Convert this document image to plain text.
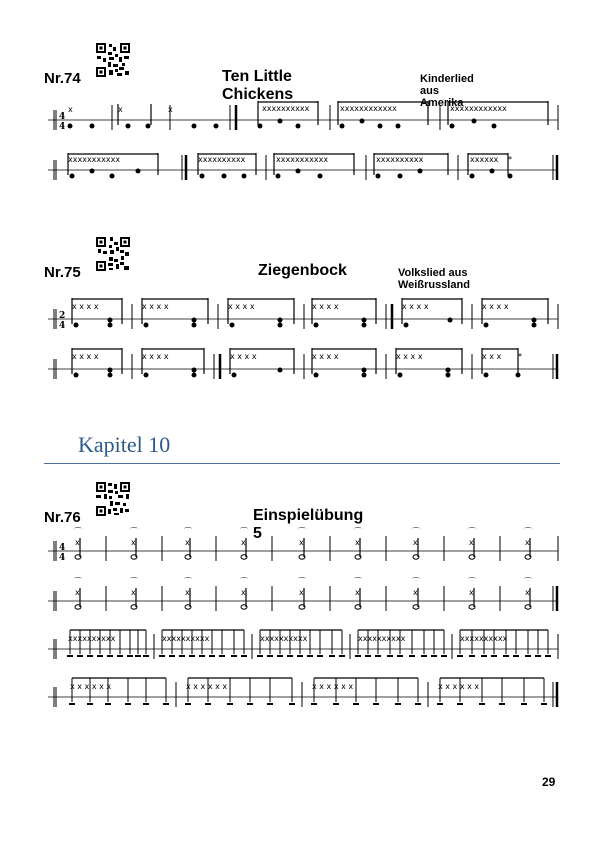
Nr.74	Ten Little Chickens
Kinderlied aus Amerika
4
4
x	x	x	xxxxxxxxxx	xxxxxxxxxxxx	xxxxxxxxxxxx
xxxxxxxxxxx	xxxxxxxxxx	xxxxxxxxxxx	xxxxxxxxxx	xxxxxx *
Nr.75	Ziegenbock	Volkslied aus Weißrussland
2
4
x x x x	x x x x	x x x x	x x x x	x x x x	x x x x
x x x x	x x x x	x x x x	x x x x	x x x x	x x x *
Kapitel 10
Nr.76	Einspielübung 5
4
4
⌒	⌒	⌒	⌒	⌒	⌒	⌒	⌒	⌒
⌒	⌒	⌒	⌒	⌒	⌒	⌒	⌒	⌒
x	x	x	x	x	x	x	x	x
x	x	x	x	x	x	x	x	x
xxxxxxxxxx	xxxxxxxxxx	xxxxxxxxxx	xxxxxxxxxx	xxxxxxxxxx
x x x x x x	x x x x x x	x x x x x x	x x x x x x
29
